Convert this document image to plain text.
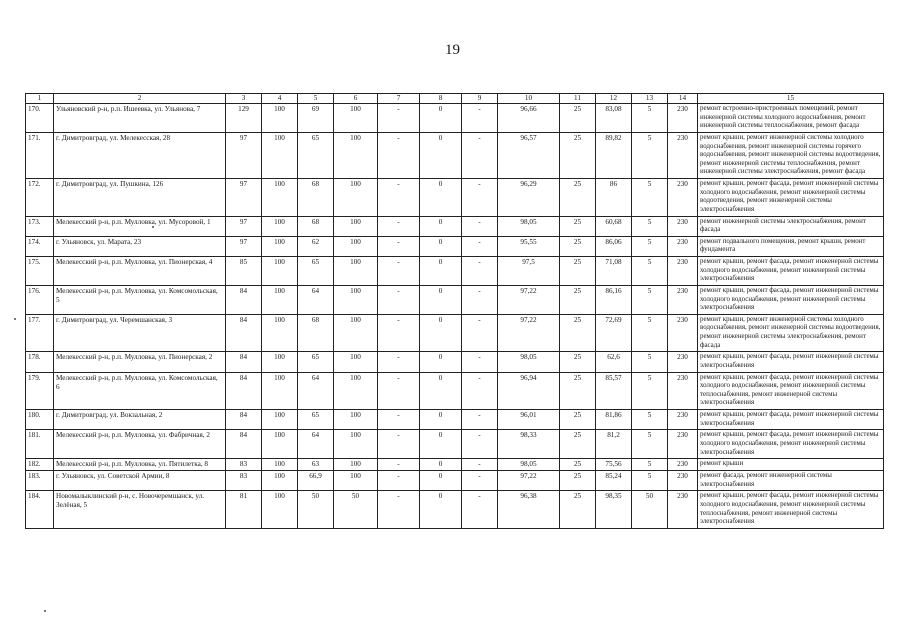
19
1	2	3	4	5	6	7	8	9	10	11	12	13	14	15
170.	Ульяновский р-н, р.п. Ишеевка, ул. Ульянова, 7	129	100	69	100	-	0	-	96,66	25	83,08	5	230	ремонт встроенно-пристроенных помещений, ремонт инженерной системы холодного водоснабжения, ремонт инженерной системы теплоснабжения, ремонт фасада
171.	г. Димитровград, ул. Мелекесская, 28	97	100	65	100	-	0	-	96,57	25	89,82	5	230	ремонт крыши, ремонт инженерной системы холодного водоснабжения, ремонт инженерной системы горячего водоснабжения, ремонт инженерной системы водоотведения, ремонт инженерной системы теплоснабжения, ремонт инженерной системы электроснабжения, ремонт фасада
172.	г. Димитровград, ул. Пушкина, 126	97	100	68	100	-	0	-	96,29	25	86	5	230	ремонт крыши, ремонт фасада, ремонт инженерной системы холодного водоснабжения, ремонт инженерной системы водоотведения, ремонт инженерной системы электроснабжения
173.	Мелекесский р-н, р.п. Мулловка, ул. Мусоровой, 1	97	100	68	100	-	0	-	98,05	25	60,68	5	230	ремонт инженерной системы электроснабжения, ремонт фасада
174.	г. Ульяновск, ул. Марата, 23	97	100	62	100	-	0	-	95,55	25	86,06	5	230	ремонт подвального помещения, ремонт крыши, ремонт фундамента
175.	Мелекесский р-н, р.п. Мулловка, ул. Пионерская, 4	85	100	65	100	-	0	-	97,5	25	71,08	5	230	ремонт крыши, ремонт фасада, ремонт инженерной системы холодного водоснабжения, ремонт инженерной системы электроснабжения
176.	Мелекесский р-н, р.п. Мулловка, ул. Комсомольская, 5	84	100	64	100	-	0	-	97,22	25	86,16	5	230	ремонт крыши, ремонт фасада, ремонт инженерной системы холодного водоснабжения, ремонт инженерной системы электроснабжения
177.	г. Димитровград, ул. Черемшанская, 3	84	100	68	100	-	0	-	97,22	25	72,69	5	230	ремонт крыши, ремонт инженерной системы холодного водоснабжения, ремонт инженерной системы водоотведения, ремонт инженерной системы электроснабжения, ремонт фасада
178.	Мелекесский р-н, р.п. Мулловка, ул. Пионерская, 2	84	100	65	100	-	0	-	98,05	25	62,6	5	230	ремонт крыши, ремонт фасада, ремонт инженерной системы электроснабжения
179.	Мелекесский р-н, р.п. Мулловка, ул. Комсомольская, 6	84	100	64	100	-	0	-	96,94	25	85,57	5	230	ремонт крыши, ремонт фасада, ремонт инженерной системы холодного водоснабжения, ремонт инженерной системы теплоснабжения, ремонт инженерной системы электроснабжения
180.	г. Димитровград, ул. Вокзальная, 2	84	100	65	100	-	0	-	96,01	25	81,86	5	230	ремонт крыши, ремонт фасада, ремонт инженерной системы электроснабжения
181.	Мелекесский р-н, р.п. Мулловка, ул. Фабричная, 2	84	100	64	100	-	0	-	98,33	25	81,2	5	230	ремонт крыши, ремонт фасада, ремонт инженерной системы холодного водоснабжения, ремонт инженерной системы электроснабжения
182.	Мелекесский р-н, р.п. Мулловка, ул. Пятилетка, 8	83	100	63	100	-	0	-	98,05	25	75,56	5	230	ремонт крыши
183.	г. Ульяновск, ул. Советской Армии, 8	83	100	66,9	100	-	0	-	97,22	25	85,24	5	230	ремонт фасада, ремонт инженерной системы электроснабжения
184.	Новомалыклинский р-н, с. Новочеремшанск, ул. Зелёная, 5	81	100	50	50	-	0	-	96,38	25	98,35	50	230	ремонт крыши, ремонт фасада, ремонт инженерной системы холодного водоснабжения, ремонт инженерной системы теплоснабжения, ремонт инженерной системы электроснабжения
